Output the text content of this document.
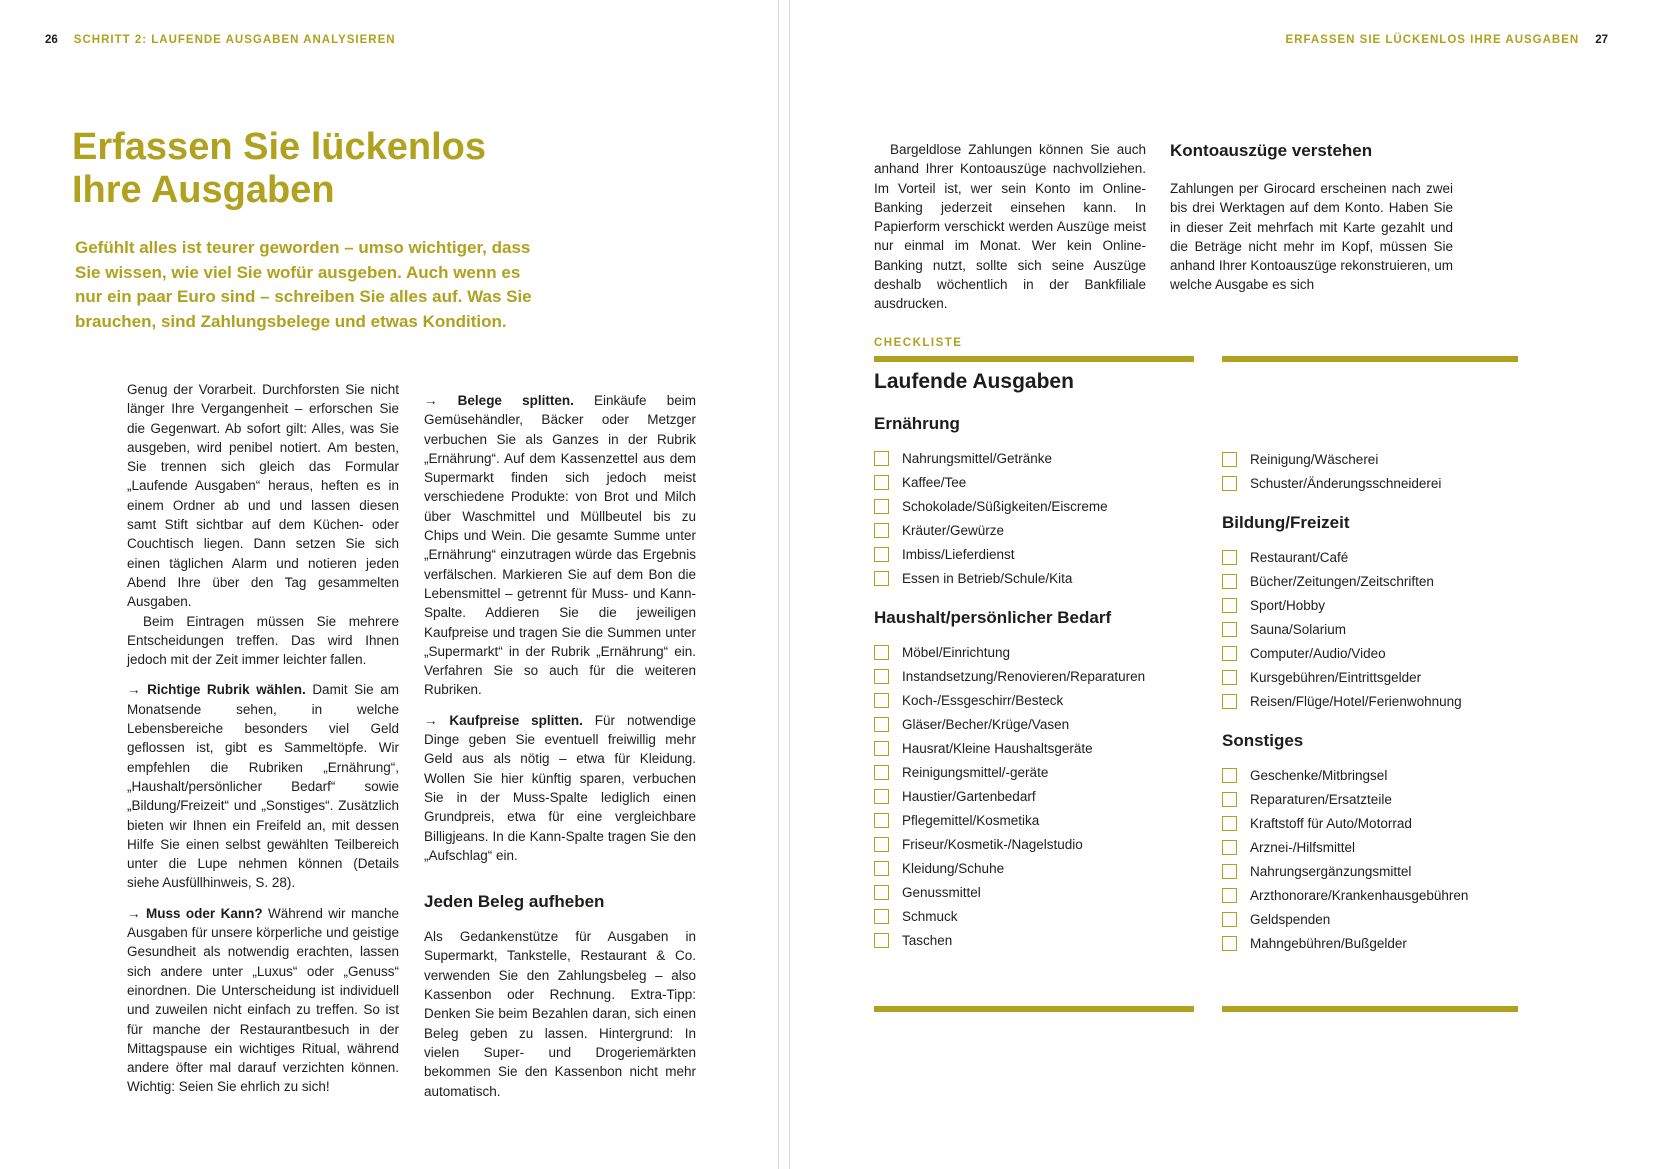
26 SCHRITT 2: LAUFENDE AUSGABEN ANALYSIEREN
Erfassen Sie lückenlos
Ihre Ausgaben
Gefühlt alles ist teurer geworden – umso wichtiger, dass Sie wissen, wie viel Sie wofür ausgeben. Auch wenn es nur ein paar Euro sind – schreiben Sie alles auf. Was Sie brauchen, sind Zahlungsbelege und etwas Kondition.

Genug der Vorarbeit. Durchforsten Sie nicht länger Ihre Vergangenheit – erforschen Sie die Gegenwart. Ab sofort gilt: Alles, was Sie ausgeben, wird penibel notiert. Am besten, Sie trennen sich gleich das Formular „Laufende Ausgaben“ heraus, heften es in einem Ordner ab und und lassen diesen samt Stift sichtbar auf dem Küchen- oder Couchtisch liegen. Dann setzen Sie sich einen täglichen Alarm und notieren jeden Abend Ihre über den Tag gesammelten Ausgaben.

Beim Eintragen müssen Sie mehrere Entscheidungen treffen. Das wird Ihnen jedoch mit der Zeit immer leichter fallen.

→ Richtige Rubrik wählen. Damit Sie am Monatsende sehen, in welche Lebensbereiche besonders viel Geld geflossen ist, gibt es Sammeltöpfe. Wir empfehlen die Rubriken „Ernährung“, „Haushalt/persönlicher Bedarf“ sowie „Bildung/Freizeit“ und „Sonstiges“. Zusätzlich bieten wir Ihnen ein Freifeld an, mit dessen Hilfe Sie einen selbst gewählten Teilbereich unter die Lupe nehmen können (Details siehe Ausfüllhinweis, S. 28).

→ Muss oder Kann? Während wir manche Ausgaben für unsere körperliche und geistige Gesundheit als notwendig erachten, lassen sich andere unter „Luxus“ oder „Genuss“ einordnen. Die Unterscheidung ist individuell und zuweilen nicht einfach zu treffen. So ist für manche der Restaurantbesuch in der Mittagspause ein wichtiges Ritual, während andere öfter mal darauf verzichten können. Wichtig: Seien Sie ehrlich zu sich!

→ Belege splitten. Einkäufe beim Gemüsehändler, Bäcker oder Metzger verbuchen Sie als Ganzes in der Rubrik „Ernährung“. Auf dem Kassenzettel aus dem Supermarkt finden sich jedoch meist verschiedene Produkte: von Brot und Milch über Waschmittel und Müllbeutel bis zu Chips und Wein. Die gesamte Summe unter „Ernährung“ einzutragen würde das Ergebnis verfälschen. Markieren Sie auf dem Bon die Lebensmittel – getrennt für Muss- und Kann-Spalte. Addieren Sie die jeweiligen Kaufpreise und tragen Sie die Summen unter „Supermarkt“ in der Rubrik „Ernährung“ ein. Verfahren Sie so auch für die weiteren Rubriken.

→ Kaufpreise splitten. Für notwendige Dinge geben Sie eventuell freiwillig mehr Geld aus als nötig – etwa für Kleidung. Wollen Sie hier künftig sparen, verbuchen Sie in der Muss-Spalte lediglich einen Grundpreis, etwa für eine vergleichbare Billigjeans. In die Kann-Spalte tragen Sie den „Aufschlag“ ein.

Jeden Beleg aufheben

Als Gedankenstütze für Ausgaben in Supermarkt, Tankstelle, Restaurant & Co. verwenden Sie den Zahlungsbeleg – also Kassenbon oder Rechnung. Extra-Tipp: Denken Sie beim Bezahlen daran, sich einen Beleg geben zu lassen. Hintergrund: In vielen Super- und Drogeriemärkten bekommen Sie den Kassenbon nicht mehr automatisch.

ERFASSEN SIE LÜCKENLOS IHRE AUSGABEN 27

Bargeldlose Zahlungen können Sie auch anhand Ihrer Kontoauszüge nachvollziehen. Im Vorteil ist, wer sein Konto im Online-Banking jederzeit einsehen kann. In Papierform verschickt werden Auszüge meist nur einmal im Monat. Wer kein Online-Banking nutzt, sollte sich seine Auszüge deshalb wöchentlich in der Bankfiliale ausdrucken.

Kontoauszüge verstehen

Zahlungen per Girocard erscheinen nach zwei bis drei Werktagen auf dem Konto. Haben Sie in dieser Zeit mehrfach mit Karte gezahlt und die Beträge nicht mehr im Kopf, müssen Sie anhand Ihrer Kontoauszüge rekonstruieren, um welche Ausgabe es sich

CHECKLISTE
Laufende Ausgaben
Ernährung
Nahrungsmittel/Getränke
Kaffee/Tee
Schokolade/Süßigkeiten/Eiscreme
Kräuter/Gewürze
Imbiss/Lieferdienst
Essen in Betrieb/Schule/Kita
Haushalt/persönlicher Bedarf
Möbel/Einrichtung
Instandsetzung/Renovieren/Reparaturen
Koch-/Essgeschirr/Besteck
Gläser/Becher/Krüge/Vasen
Hausrat/Kleine Haushaltsgeräte
Reinigungsmittel/-geräte
Haustier/Gartenbedarf
Pflegemittel/Kosmetika
Friseur/Kosmetik-/Nagelstudio
Kleidung/Schuhe
Genussmittel
Schmuck
Taschen
Reinigung/Wäscherei
Schuster/Änderungsschneiderei
Bildung/Freizeit
Restaurant/Café
Bücher/Zeitungen/Zeitschriften
Sport/Hobby
Sauna/Solarium
Computer/Audio/Video
Kursgebühren/Eintrittsgelder
Reisen/Flüge/Hotel/Ferienwohnung
Sonstiges
Geschenke/Mitbringsel
Reparaturen/Ersatzteile
Kraftstoff für Auto/Motorrad
Arznei-/Hilfsmittel
Nahrungsergänzungsmittel
Arzthonorare/Krankenhausgebühren
Geldspenden
Mahngebühren/Bußgelder
